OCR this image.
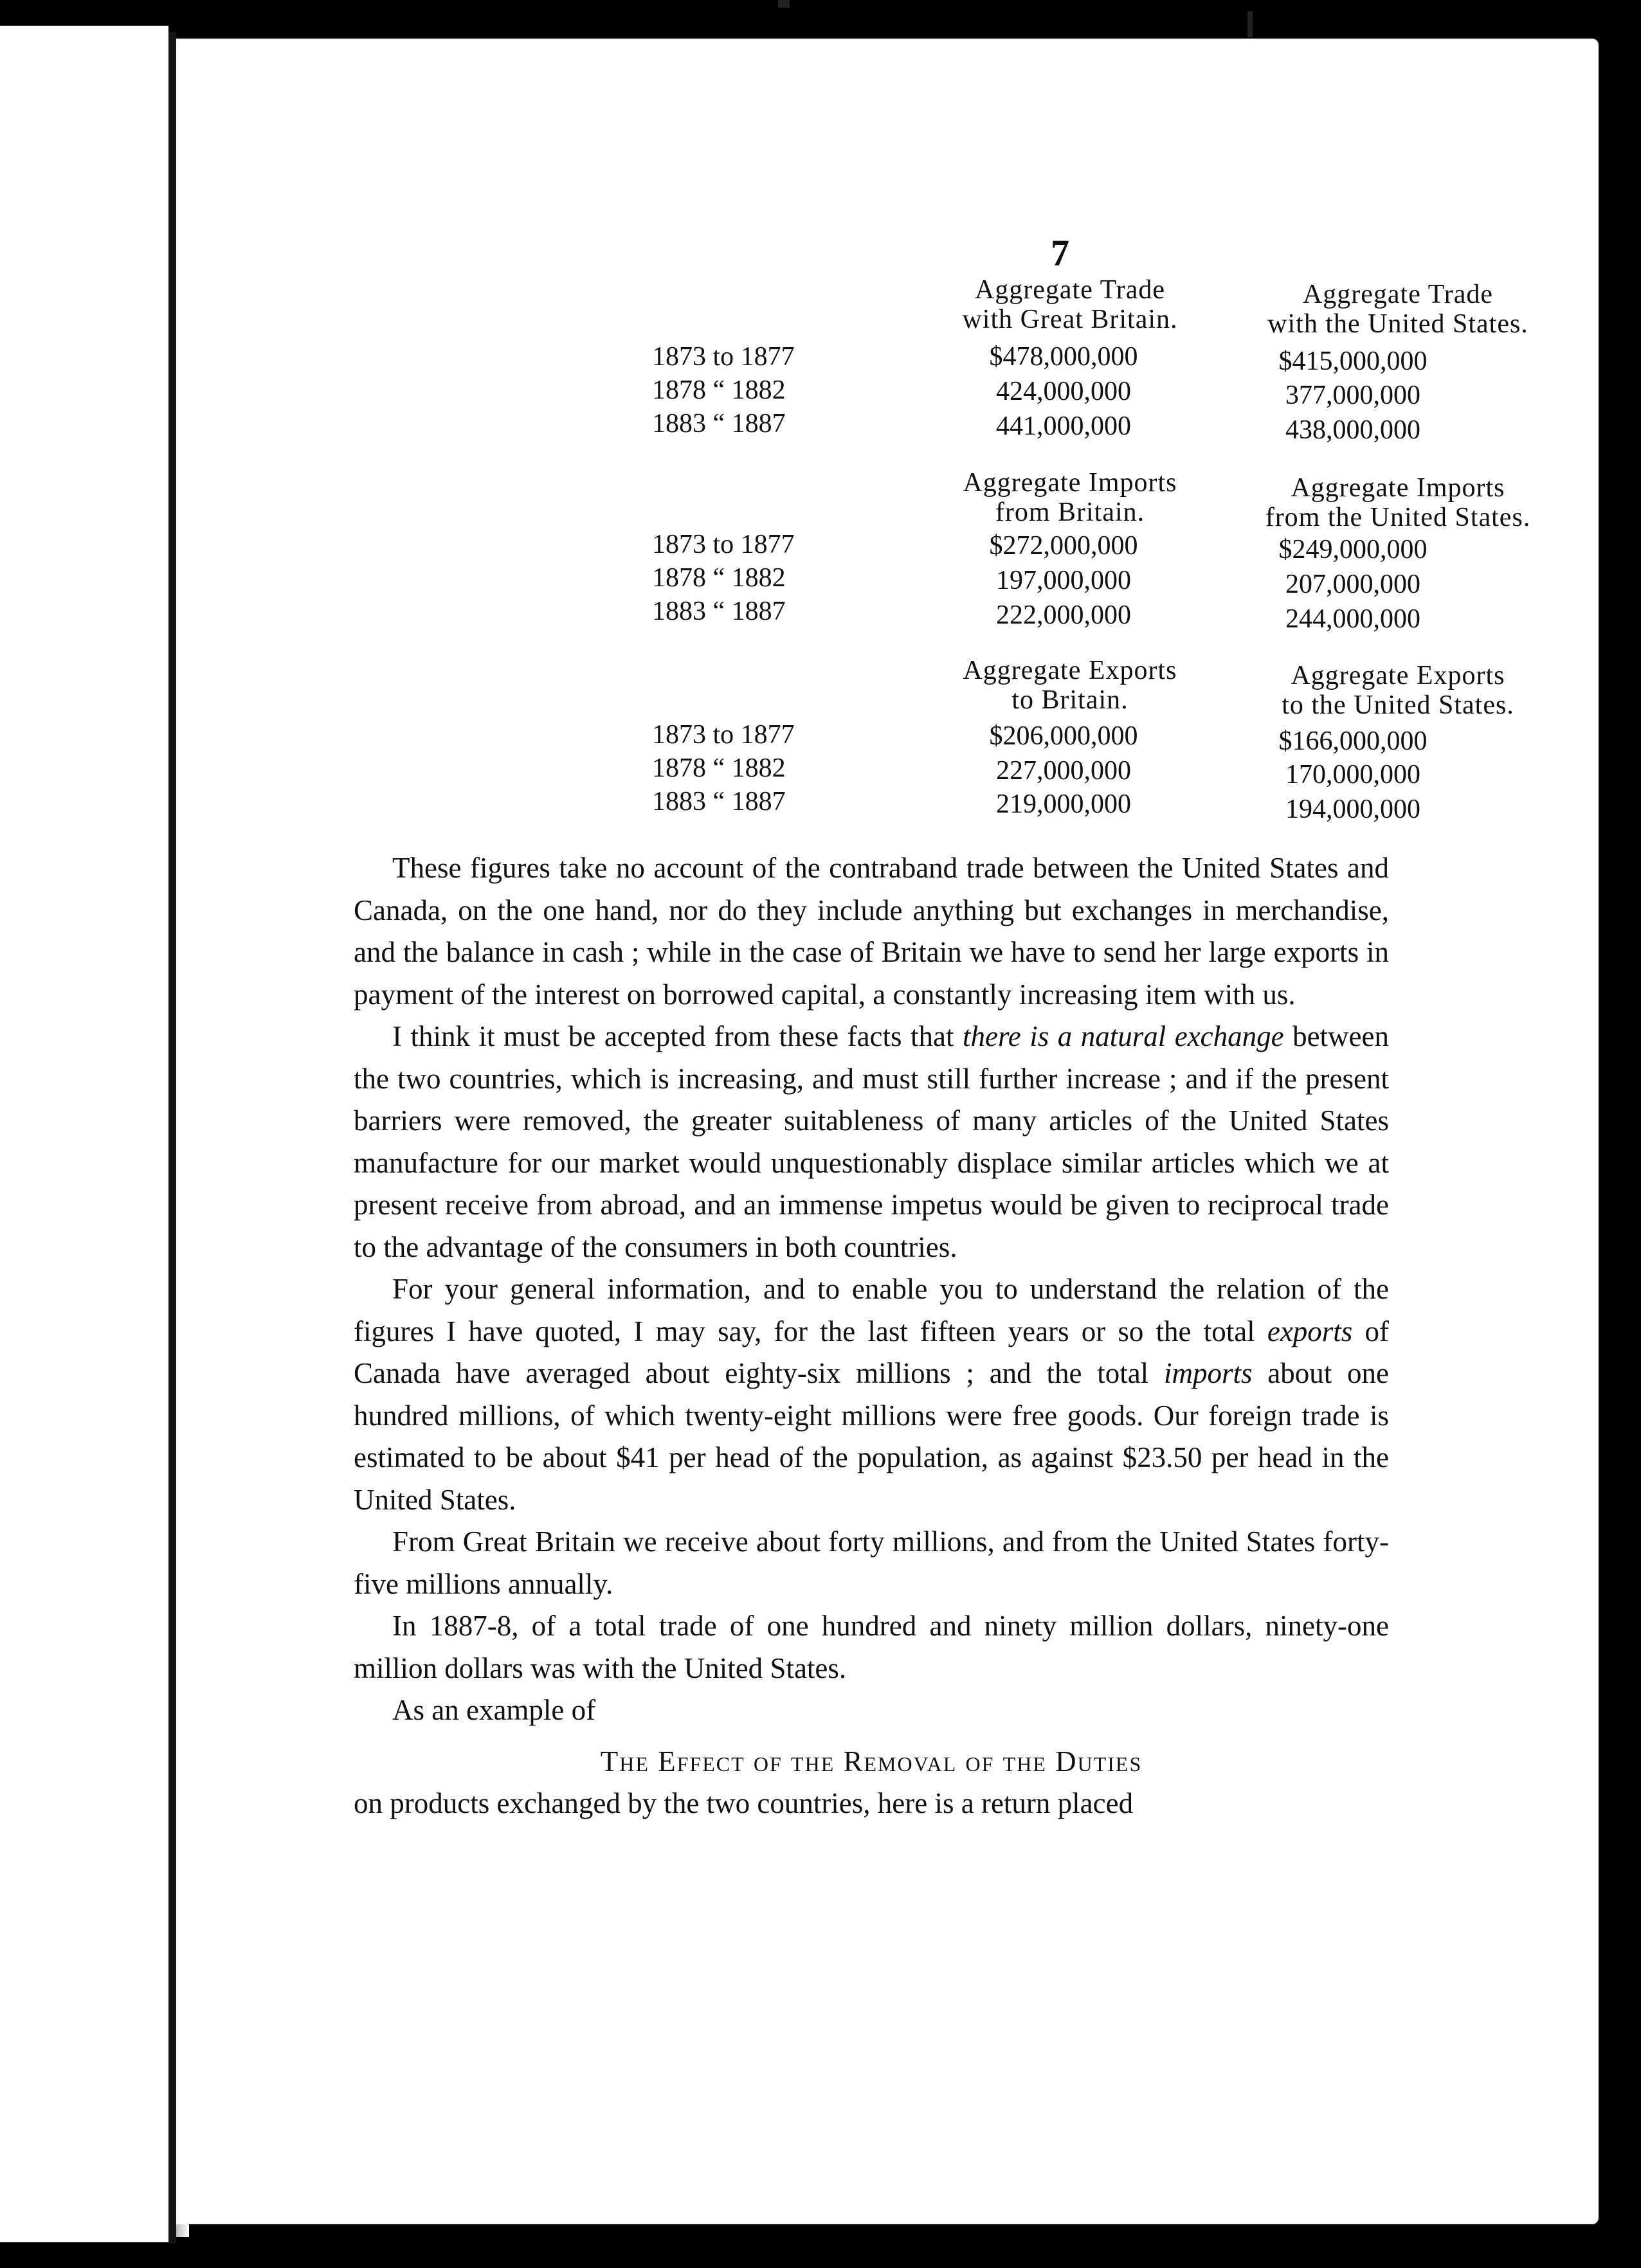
7
Aggregate Trade
with Great Britain.
Aggregate Trade
with the United States.
1873 to 1877	$478,000,000	$415,000,000
1878 “ 1882	424,000,000	377,000,000
1883 “ 1887	441,000,000	438,000,000
Aggregate Imports
from Britain.
Aggregate Imports
from the United States.
1873 to 1877	$272,000,000	$249,000,000
1878 “ 1882	197,000,000	207,000,000
1883 “ 1887	222,000,000	244,000,000
Aggregate Exports
to Britain.
Aggregate Exports
to the United States.
1873 to 1877	$206,000,000	$166,000,000
1878 “ 1882	227,000,000	170,000,000
1883 “ 1887	219,000,000	194,000,000

These figures take no account of the contraband trade between the United States and Canada, on the one hand, nor do they include anything but exchanges in merchandise, and the balance in cash ; while in the case of Britain we have to send her large exports in payment of the interest on borrowed capital, a constantly increasing item with us.

I think it must be accepted from these facts that there is a natural exchange between the two countries, which is increasing, and must still further increase ; and if the present barriers were removed, the greater suitableness of many articles of the United States manufacture for our market would unquestionably displace similar articles which we at present receive from abroad, and an immense impetus would be given to reciprocal trade to the advantage of the consumers in both countries.

For your general information, and to enable you to understand the relation of the figures I have quoted, I may say, for the last fifteen years or so the total exports of Canada have averaged about eighty-six millions ; and the total imports about one hundred millions, of which twenty-eight millions were free goods. Our foreign trade is estimated to be about $41 per head of the population, as against $23.50 per head in the United States.

From Great Britain we receive about forty millions, and from the United States forty-five millions annually.

In 1887-8, of a total trade of one hundred and ninety million dollars, ninety-one million dollars was with the United States.

As an example of

The Effect of the Removal of the Duties

on products exchanged by the two countries, here is a return placed
